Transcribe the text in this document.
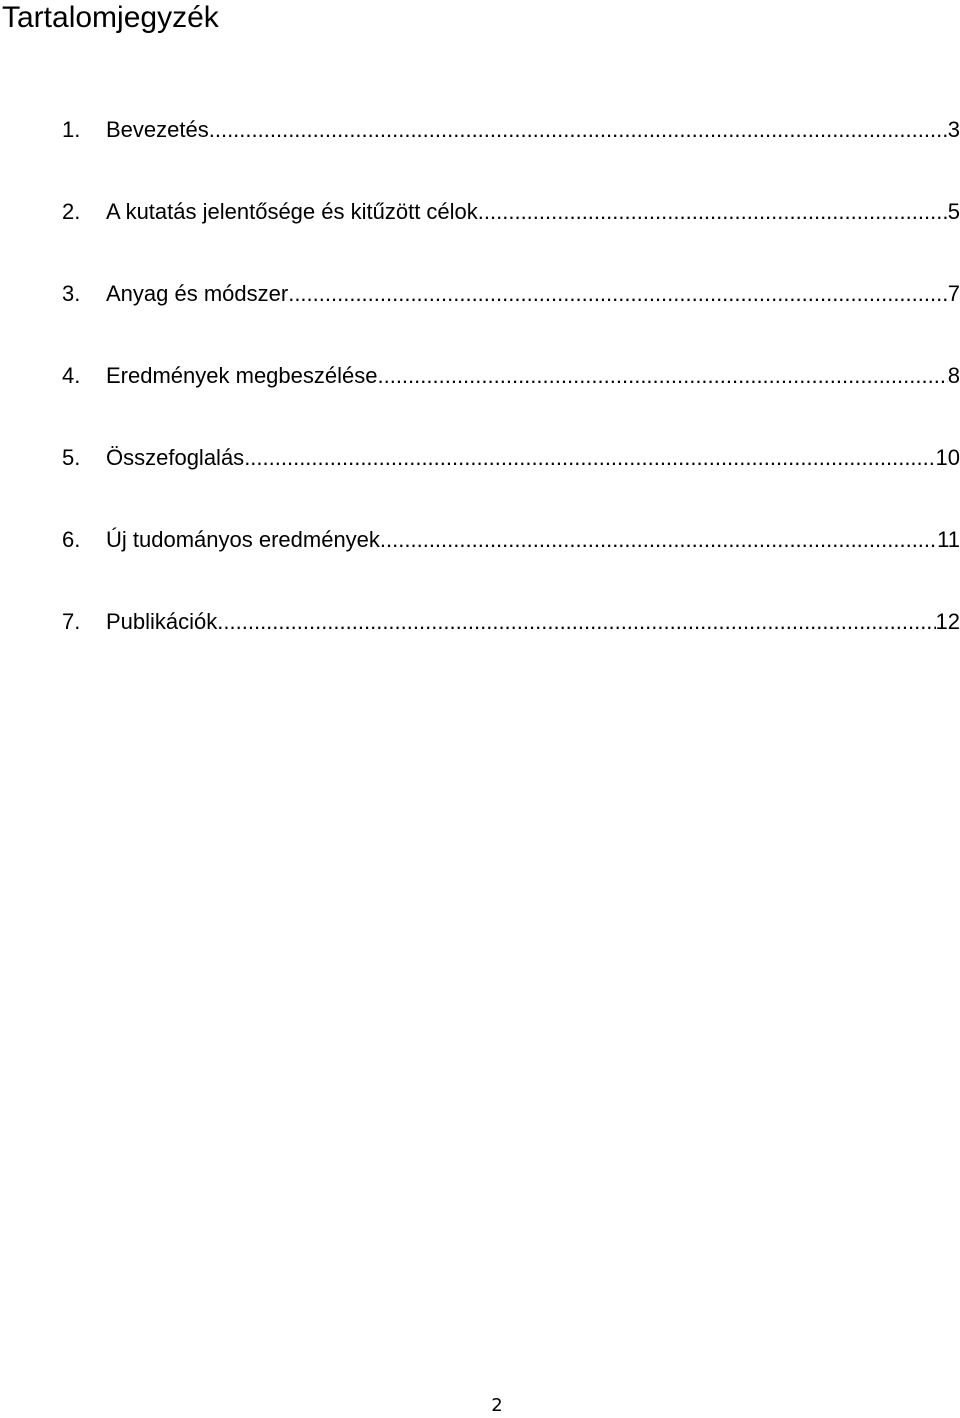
Tartalomjegyzék
1.	Bevezetés .....	3
2.	A kutatás jelentősége és kitűzött célok .....	5
3.	Anyag és módszer .....	7
4.	Eredmények megbeszélése .....	8
5.	Összefoglalás .....	10
6.	Új tudományos eredmények .....	11
7.	Publikációk .....	12
2
